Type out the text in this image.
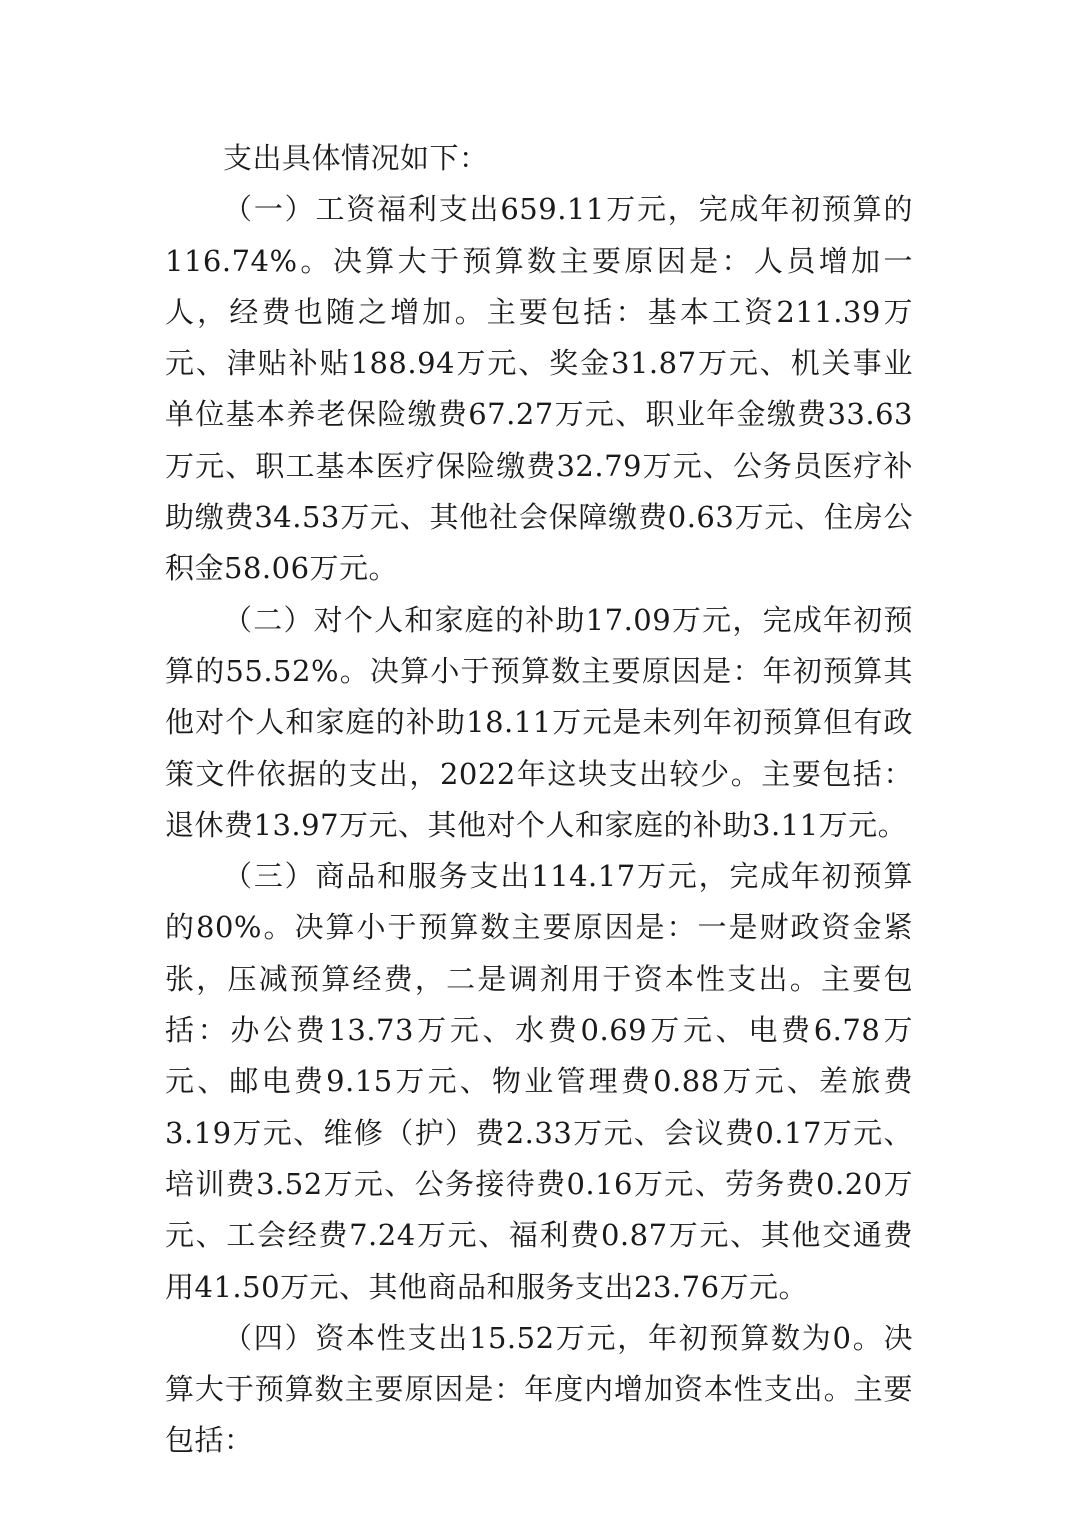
支出具体情况如下：

（一）工资福利支出659.11万元，完成年初预算的116.74%。决算大于预算数主要原因是：人员增加一人，经费也随之增加。主要包括：基本工资211.39万元、津贴补贴188.94万元、奖金31.87万元、机关事业单位基本养老保险缴费67.27万元、职业年金缴费33.63万元、职工基本医疗保险缴费32.79万元、公务员医疗补助缴费34.53万元、其他社会保障缴费0.63万元、住房公积金58.06万元。

（二）对个人和家庭的补助17.09万元，完成年初预算的55.52%。决算小于预算数主要原因是：年初预算其他对个人和家庭的补助18.11万元是未列年初预算但有政策文件依据的支出，2022年这块支出较少。主要包括：退休费13.97万元、其他对个人和家庭的补助3.11万元。

（三）商品和服务支出114.17万元，完成年初预算的80%。决算小于预算数主要原因是：一是财政资金紧张，压减预算经费，二是调剂用于资本性支出。主要包括：办公费13.73万元、水费0.69万元、电费6.78万元、邮电费9.15万元、物业管理费0.88万元、差旅费3.19万元、维修（护）费2.33万元、会议费0.17万元、培训费3.52万元、公务接待费0.16万元、劳务费0.20万元、工会经费7.24万元、福利费0.87万元、其他交通费用41.50万元、其他商品和服务支出23.76万元。

（四）资本性支出15.52万元，年初预算数为0。决算大于预算数主要原因是：年度内增加资本性支出。主要包括：
